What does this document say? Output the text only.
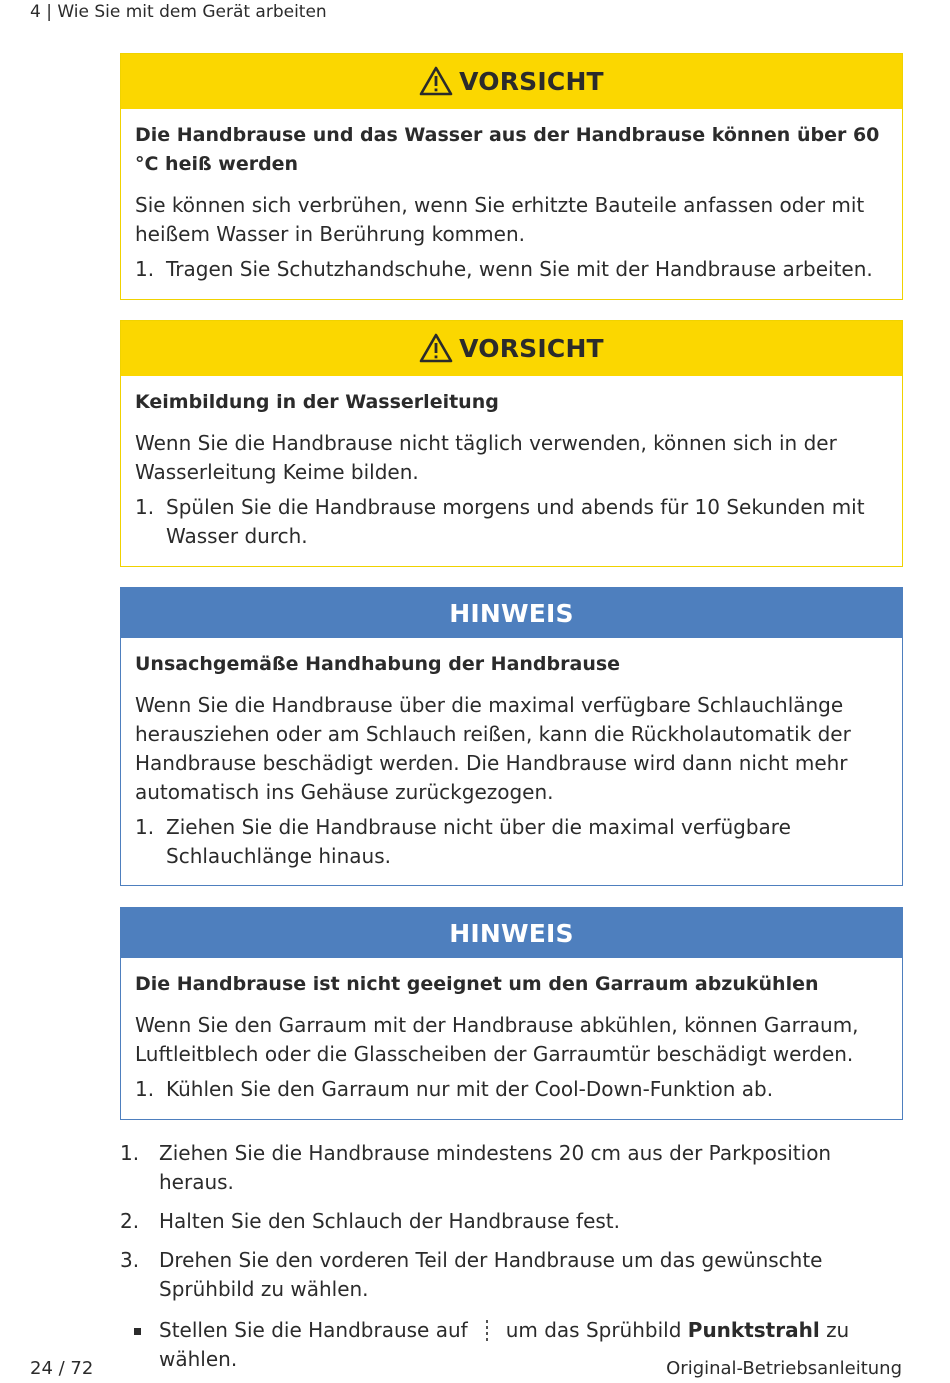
4 | Wie Sie mit dem Gerät arbeiten
VORSICHT
Die Handbrause und das Wasser aus der Handbrause können über 60 °C heiß werden
Sie können sich verbrühen, wenn Sie erhitzte Bauteile anfassen oder mit heißem Wasser in Berührung kommen.
1. Tragen Sie Schutzhandschuhe, wenn Sie mit der Handbrause arbeiten.
VORSICHT
Keimbildung in der Wasserleitung
Wenn Sie die Handbrause nicht täglich verwenden, können sich in der Wasserleitung Keime bilden.
1. Spülen Sie die Handbrause morgens und abends für 10 Sekunden mit Wasser durch.
HINWEIS
Unsachgemäße Handhabung der Handbrause
Wenn Sie die Handbrause über die maximal verfügbare Schlauchlänge herausziehen oder am Schlauch reißen, kann die Rückholautomatik der Handbrause beschädigt werden. Die Handbrause wird dann nicht mehr automatisch ins Gehäuse zurückgezogen.
1. Ziehen Sie die Handbrause nicht über die maximal verfügbare Schlauchlänge hinaus.
HINWEIS
Die Handbrause ist nicht geeignet um den Garraum abzukühlen
Wenn Sie den Garraum mit der Handbrause abkühlen, können Garraum, Luftleitblech oder die Glasscheiben der Garraumtür beschädigt werden.
1. Kühlen Sie den Garraum nur mit der Cool-Down-Funktion ab.
1. Ziehen Sie die Handbrause mindestens 20 cm aus der Parkposition heraus.
2. Halten Sie den Schlauch der Handbrause fest.
3. Drehen Sie den vorderen Teil der Handbrause um das gewünschte Sprühbild zu wählen.
Stellen Sie die Handbrause auf um das Sprühbild Punktstrahl zu wählen.
24 / 72	Original-Betriebsanleitung
